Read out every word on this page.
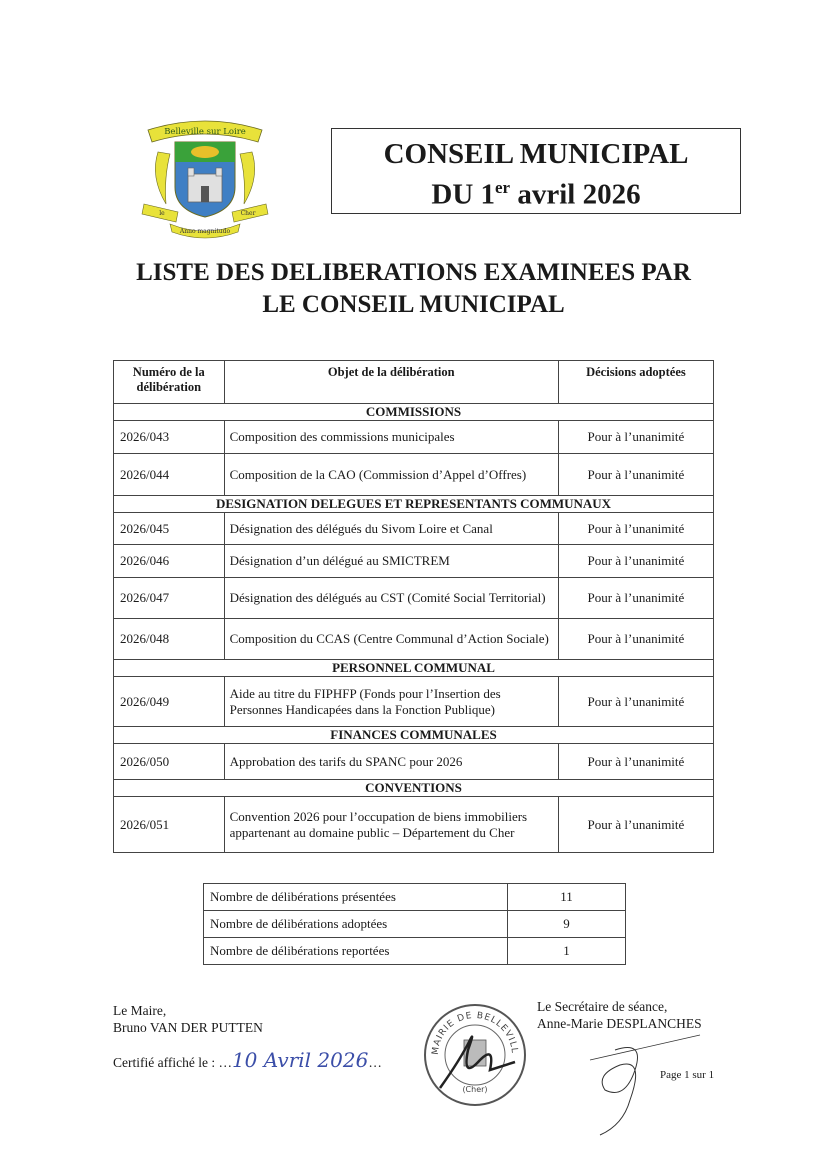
Belleville sur Loire
le	Cher
Anno magnitudo
CONSEIL MUNICIPAL
DU 1er avril 2026
LISTE DES DELIBERATIONS EXAMINEES PAR
LE CONSEIL MUNICIPAL
Numéro de la délibération	Objet de la délibération	Décisions adoptées
COMMISSIONS		
2026/043	Composition des commissions municipales	Pour à l’unanimité
2026/044	Composition de la CAO (Commission d’Appel d’Offres)	Pour à l’unanimité
DESIGNATION DELEGUES ET REPRESENTANTS COMMUNAUX		
2026/045	Désignation des délégués du Sivom Loire et Canal	Pour à l’unanimité
2026/046	Désignation d’un délégué au SMICTREM	Pour à l’unanimité
2026/047	Désignation des délégués au CST (Comité Social Territorial)	Pour à l’unanimité
2026/048	Composition du CCAS (Centre Communal d’Action Sociale)	Pour à l’unanimité
PERSONNEL COMMUNAL		
2026/049	Aide au titre du FIPHFP (Fonds pour l’Insertion des Personnes Handicapées dans la Fonction Publique)	Pour à l’unanimité
FINANCES COMMUNALES		
2026/050	Approbation des tarifs du SPANC pour 2026	Pour à l’unanimité
CONVENTIONS		
2026/051	Convention 2026 pour l’occupation de biens immobiliers appartenant au domaine public – Département du Cher	Pour à l’unanimité
Nombre de délibérations présentées	11
Nombre de délibérations adoptées	9
Nombre de délibérations reportées	1
Le Maire,
Bruno VAN DER PUTTEN
Certifié affiché le : …10 Avril 2026…
MAIRIE DE BELLEVILL
(Cher)
Le Secrétaire de séance,
Anne-Marie DESPLANCHES
Page 1 sur 1
